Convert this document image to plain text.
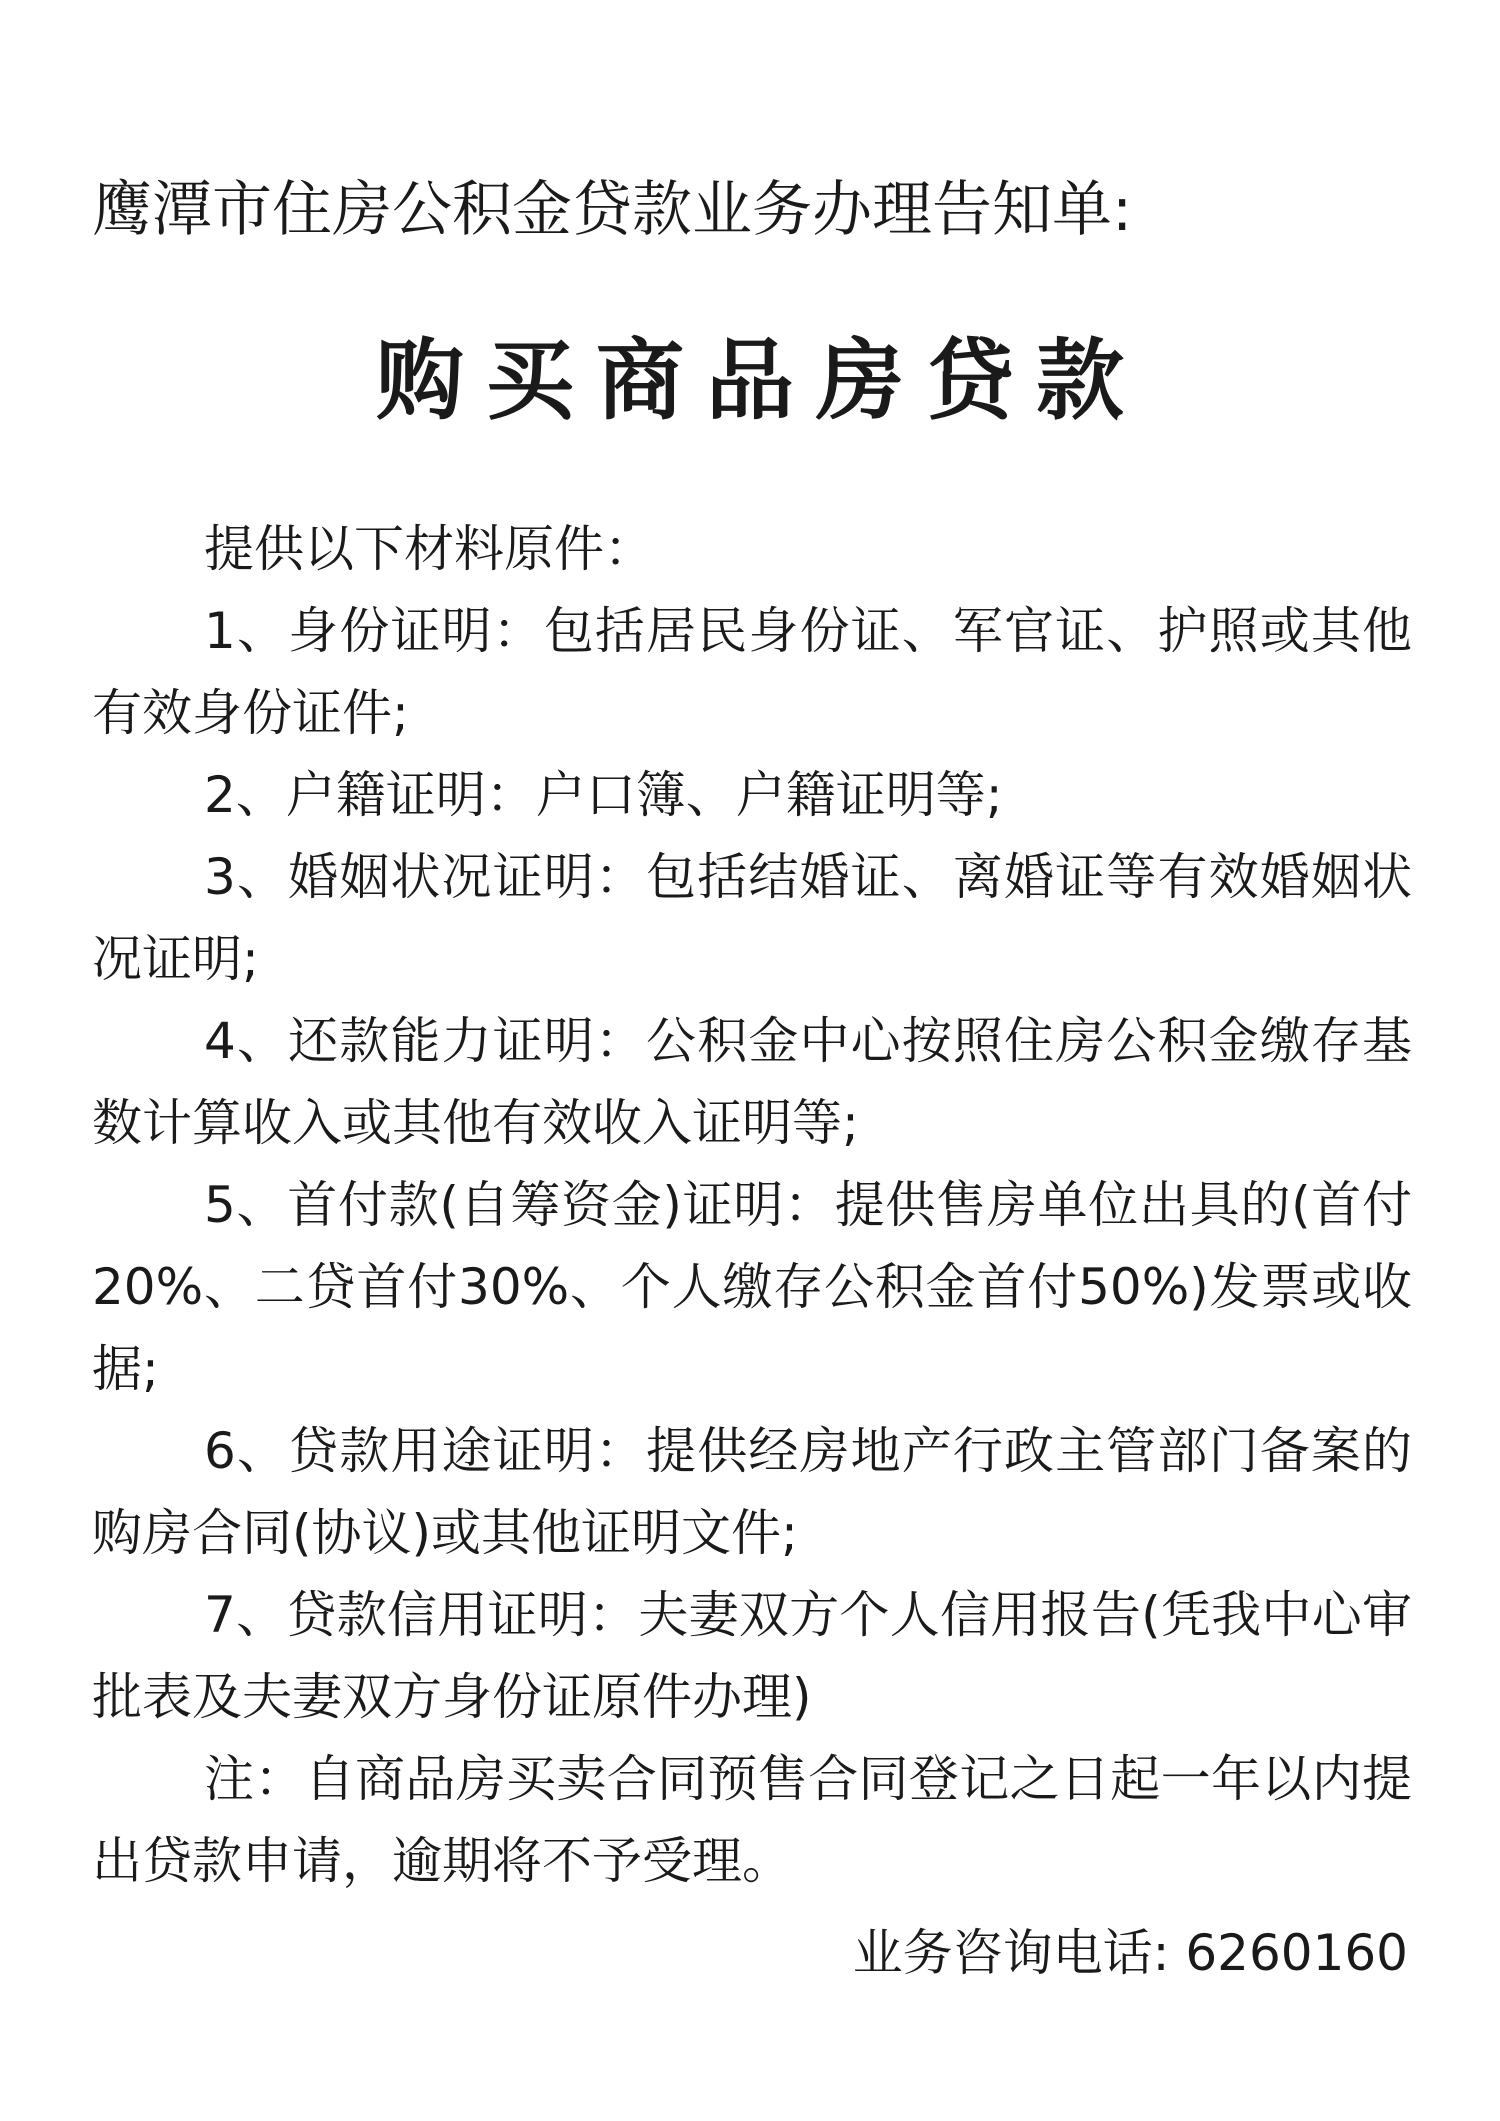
鹰潭市住房公积金贷款业务办理告知单:
购买商品房贷款

提供以下材料原件：

1、身份证明：包括居民身份证、军官证、护照或其他有效身份证件;

2、户籍证明：户口簿、户籍证明等;

3、婚姻状况证明：包括结婚证、离婚证等有效婚姻状况证明;

4、还款能力证明：公积金中心按照住房公积金缴存基数计算收入或其他有效收入证明等;

5、首付款(自筹资金)证明：提供售房单位出具的(首付20%、二贷首付30%、个人缴存公积金首付50%)发票或收据;

6、贷款用途证明：提供经房地产行政主管部门备案的购房合同(协议)或其他证明文件;

7、贷款信用证明：夫妻双方个人信用报告(凭我中心审批表及夫妻双方身份证原件办理)

注：自商品房买卖合同预售合同登记之日起一年以内提出贷款申请，逾期将不予受理。

业务咨询电话: 6260160
